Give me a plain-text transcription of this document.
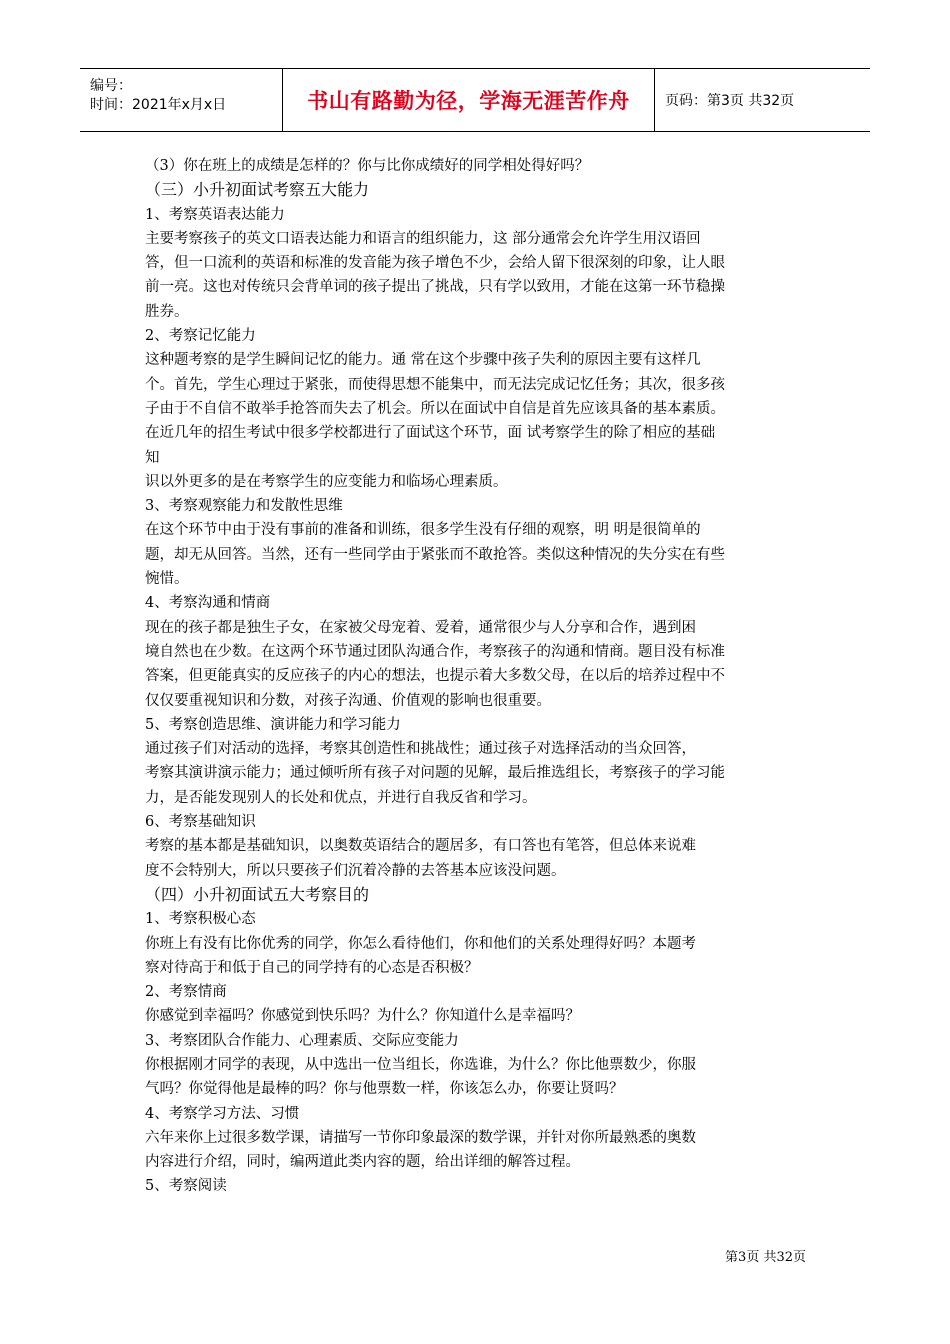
编号：
时间：2021年x月x日	书山有路勤为径，学海无涯苦作舟	页码：第3页 共32页
（3）你在班上的成绩是怎样的？你与比你成绩好的同学相处得好吗？
（三）小升初面试考察五大能力
1、考察英语表达能力
主要考察孩子的英文口语表达能力和语言的组织能力，这 部分通常会允许学生用汉语回
答，但一口流利的英语和标准的发音能为孩子增色不少，会给人留下很深刻的印象，让人眼
前一亮。这也对传统只会背单词的孩子提出了挑战，只有学以致用，才能在这第一环节稳操
胜券。
2、考察记忆能力
这种题考察的是学生瞬间记忆的能力。通 常在这个步骤中孩子失利的原因主要有这样几
个。首先，学生心理过于紧张，而使得思想不能集中，而无法完成记忆任务；其次，很多孩
子由于不自信不敢举手抢答而失去了机会。所以在面试中自信是首先应该具备的基本素质。
在近几年的招生考试中很多学校都进行了面试这个环节，面 试考察学生的除了相应的基础
知
识以外更多的是在考察学生的应变能力和临场心理素质。
3、考察观察能力和发散性思维
在这个环节中由于没有事前的准备和训练，很多学生没有仔细的观察，明 明是很简单的
题，却无从回答。当然，还有一些同学由于紧张而不敢抢答。类似这种情况的失分实在有些
惋惜。
4、考察沟通和情商
现在的孩子都是独生子女，在家被父母宠着、爱着，通常很少与人分享和合作，遇到困
境自然也在少数。在这两个环节通过团队沟通合作，考察孩子的沟通和情商。题目没有标准
答案，但更能真实的反应孩子的内心的想法，也提示着大多数父母，在以后的培养过程中不
仅仅要重视知识和分数，对孩子沟通、价值观的影响也很重要。
5、考察创造思维、演讲能力和学习能力
通过孩子们对活动的选择，考察其创造性和挑战性；通过孩子对选择活动的当众回答，
考察其演讲演示能力；通过倾听所有孩子对问题的见解，最后推选组长，考察孩子的学习能
力，是否能发现别人的长处和优点，并进行自我反省和学习。
6、考察基础知识
考察的基本都是基础知识，以奥数英语结合的题居多，有口答也有笔答，但总体来说难
度不会特别大，所以只要孩子们沉着冷静的去答基本应该没问题。
（四）小升初面试五大考察目的
1、考察积极心态
你班上有没有比你优秀的同学，你怎么看待他们，你和他们的关系处理得好吗？本题考
察对待高于和低于自己的同学持有的心态是否积极？
2、考察情商
你感觉到幸福吗？你感觉到快乐吗？为什么？你知道什么是幸福吗？
3、考察团队合作能力、心理素质、交际应变能力
你根据刚才同学的表现，从中选出一位当组长，你选谁，为什么？你比他票数少，你服
气吗？你觉得他是最棒的吗？你与他票数一样，你该怎么办，你要让贤吗？
4、考察学习方法、习惯
六年来你上过很多数学课，请描写一节你印象最深的数学课，并针对你所最熟悉的奥数
内容进行介绍，同时，编两道此类内容的题，给出详细的解答过程。
5、考察阅读
第3页 共32页
